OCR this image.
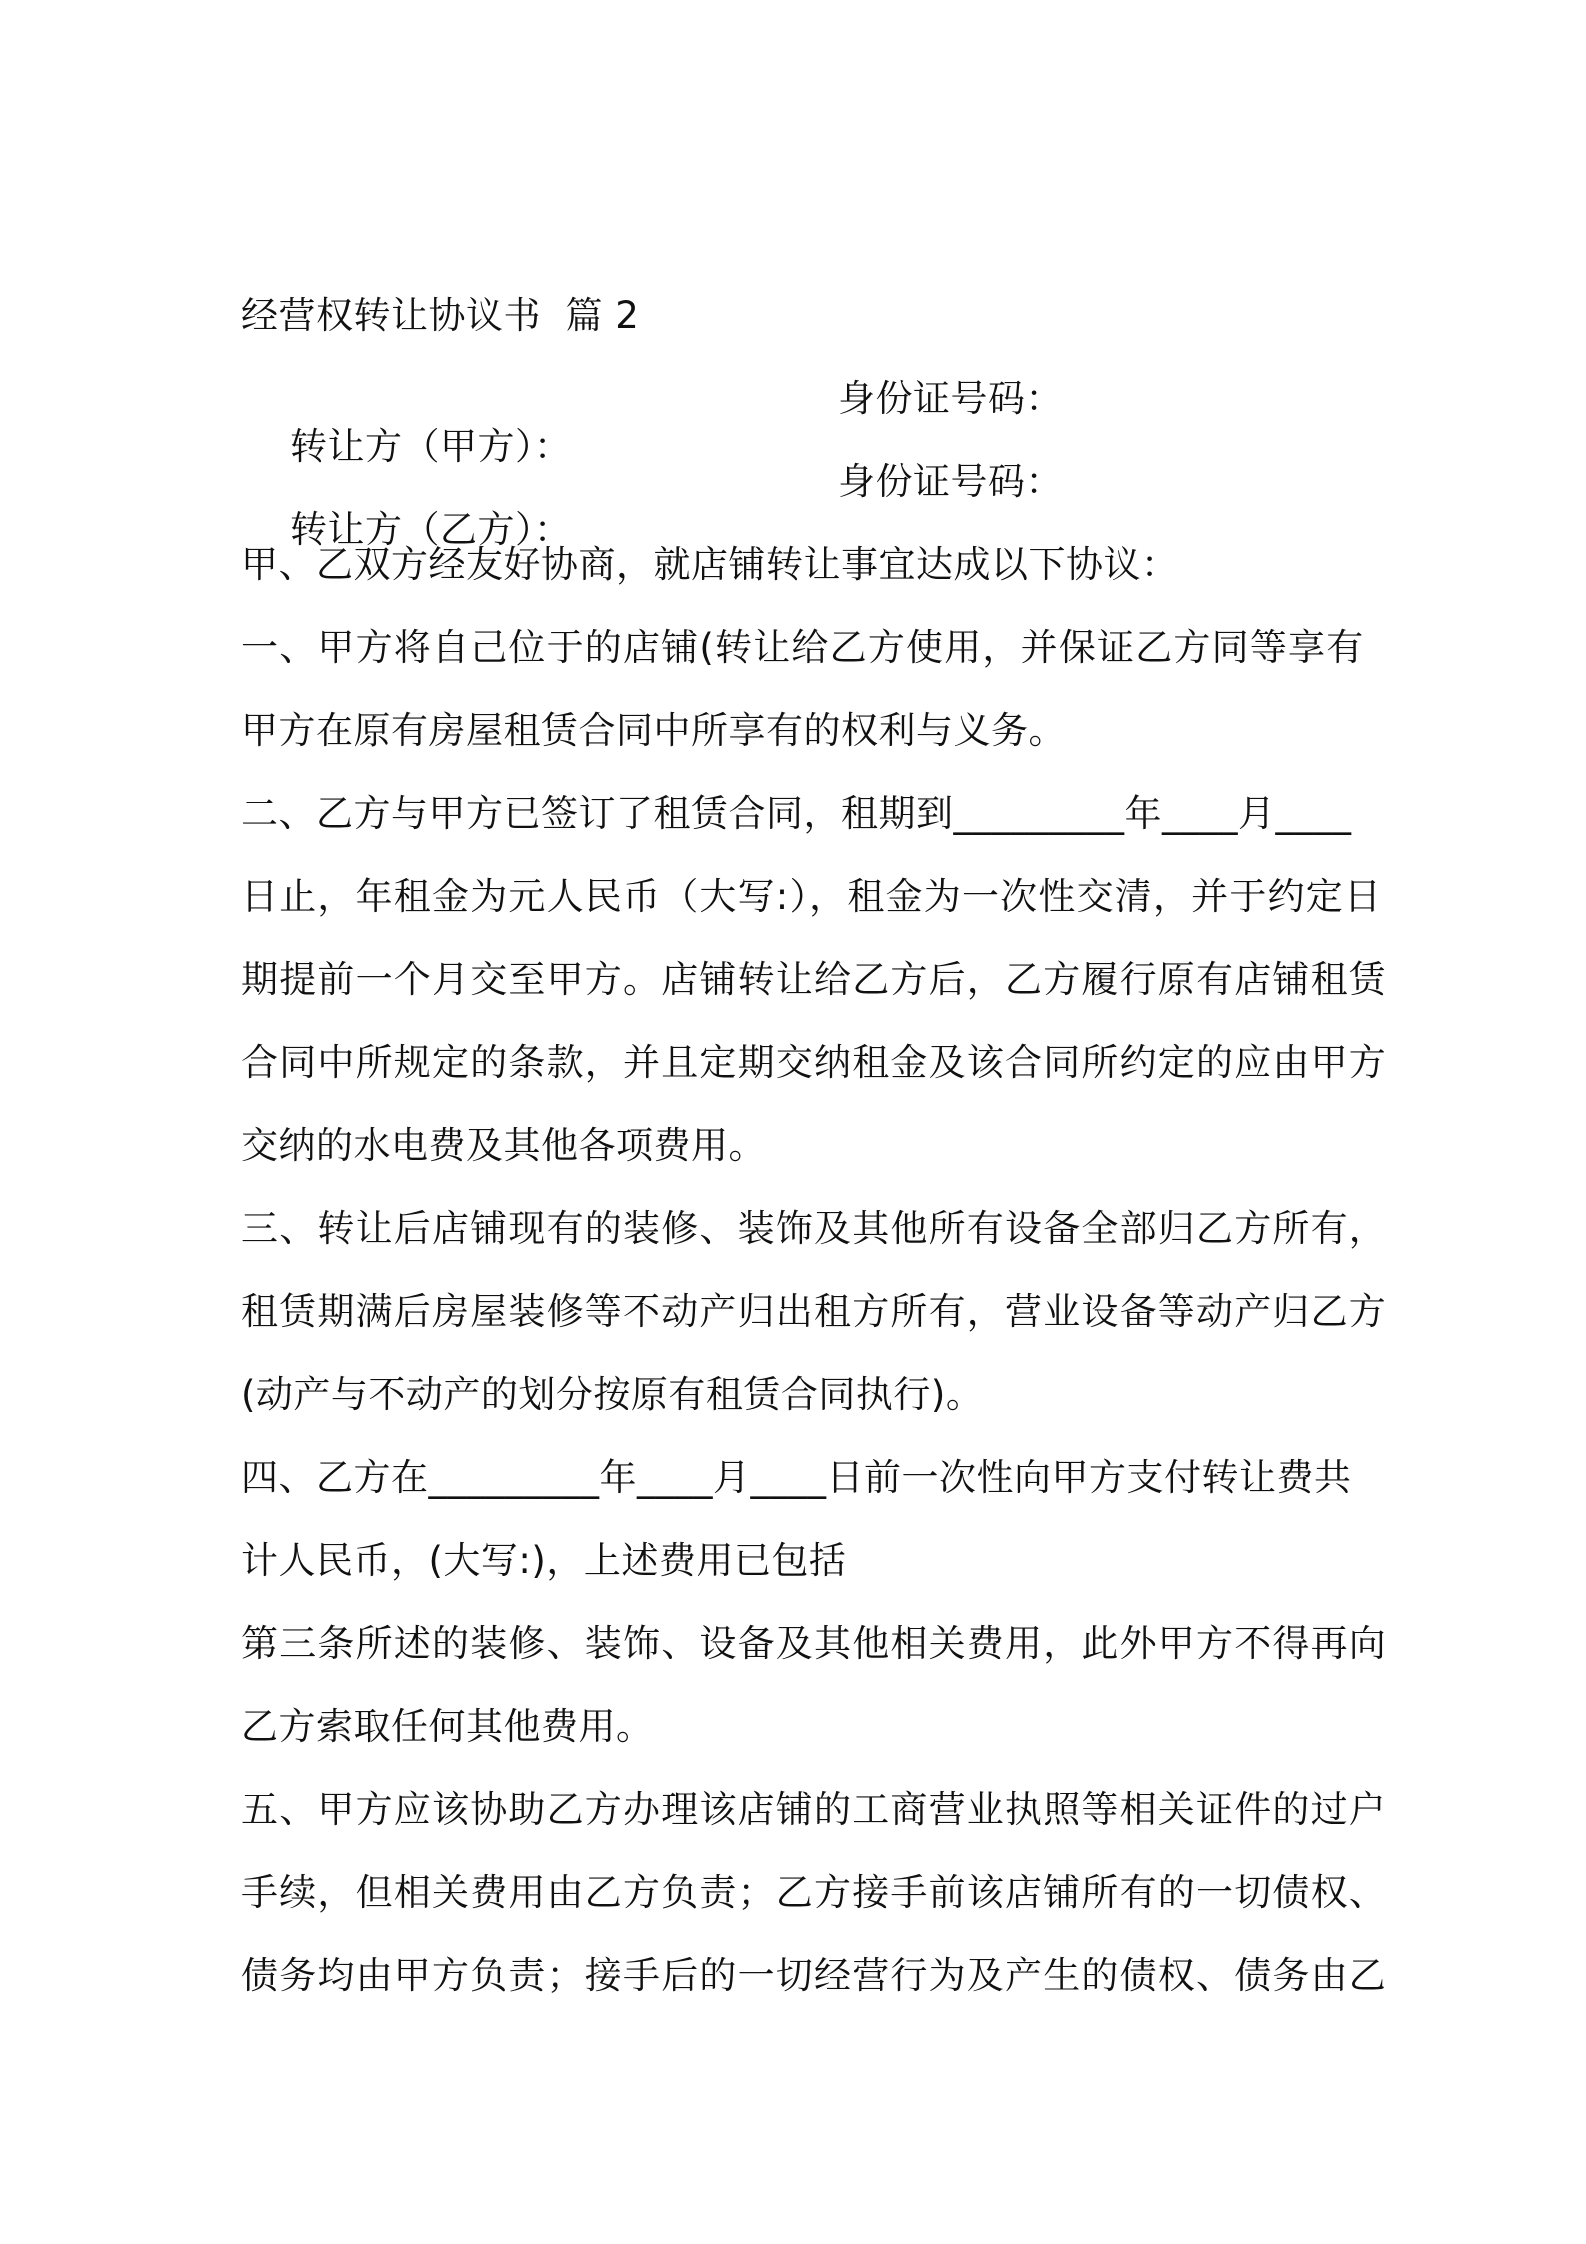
经营权转让协议书  篇 2

转让方（甲方）：

身份证号码：

转让方（乙方）：

身份证号码：

甲、乙双方经友好协商，就店铺转让事宜达成以下协议：
一、甲方将自己位于的店铺(转让给乙方使用，并保证乙方同等享有
甲方在原有房屋租赁合同中所享有的权利与义务。
二、乙方与甲方已签订了租赁合同，租期到_________年____月____
日止，年租金为元人民币（大写:），租金为一次性交清，并于约定日
期提前一个月交至甲方。店铺转让给乙方后，乙方履行原有店铺租赁
合同中所规定的条款，并且定期交纳租金及该合同所约定的应由甲方
交纳的水电费及其他各项费用。
三、转让后店铺现有的装修、装饰及其他所有设备全部归乙方所有，
租赁期满后房屋装修等不动产归出租方所有，营业设备等动产归乙方
(动产与不动产的划分按原有租赁合同执行)。
四、乙方在_________年____月____日前一次性向甲方支付转让费共
计人民币，(大写:)，上述费用已包括
第三条所述的装修、装饰、设备及其他相关费用，此外甲方不得再向
乙方索取任何其他费用。
五、甲方应该协助乙方办理该店铺的工商营业执照等相关证件的过户
手续，但相关费用由乙方负责；乙方接手前该店铺所有的一切债权、
债务均由甲方负责；接手后的一切经营行为及产生的债权、债务由乙
